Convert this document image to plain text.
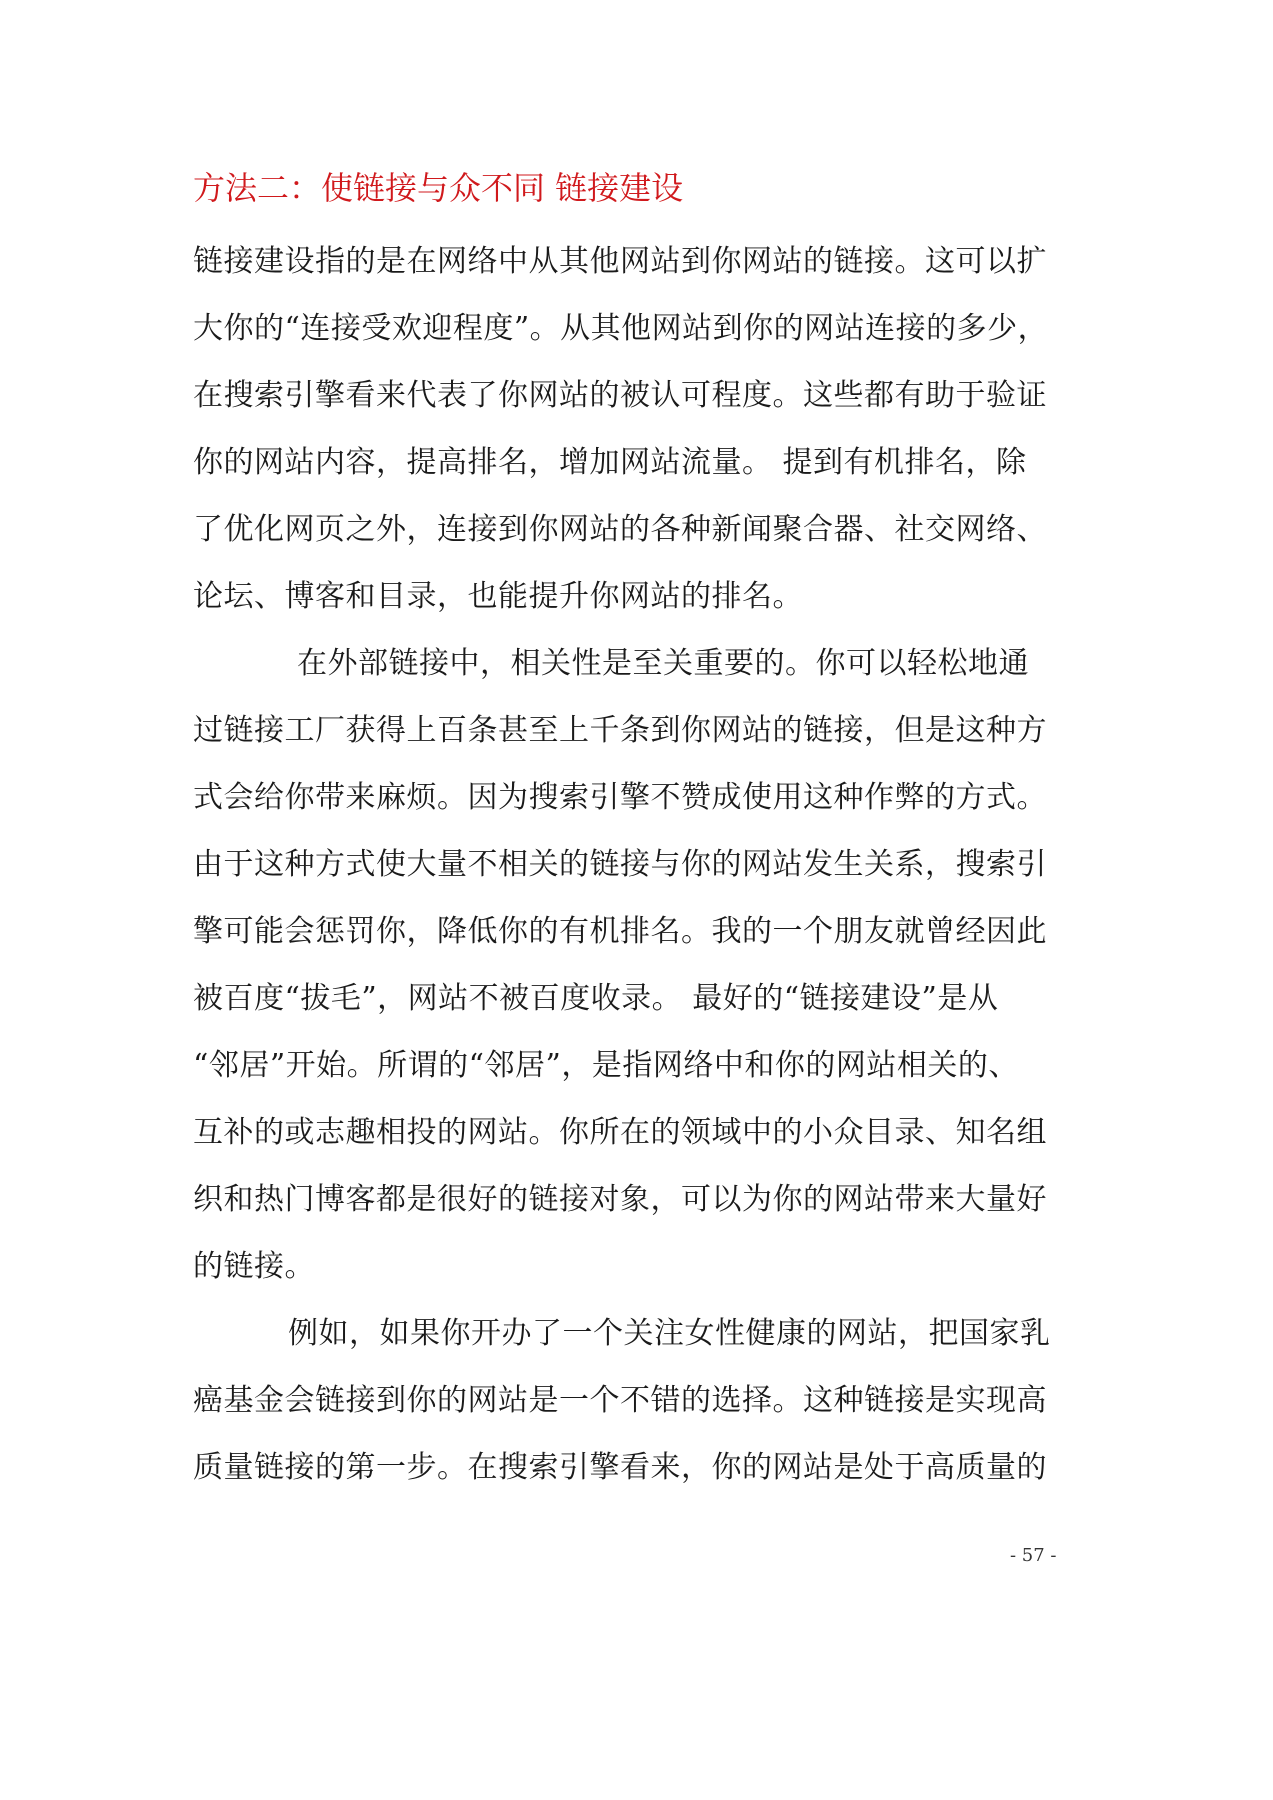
方法二：使链接与众不同 链接建设

链接建设指的是在网络中从其他网站到你网站的链接。这可以扩

大你的“连接受欢迎程度”。从其他网站到你的网站连接的多少，

在搜索引擎看来代表了你网站的被认可程度。这些都有助于验证

你的网站内容，提高排名，增加网站流量。 提到有机排名，除

了优化网页之外，连接到你网站的各种新闻聚合器、社交网络、

论坛、博客和目录，也能提升你网站的排名。

在外部链接中，相关性是至关重要的。你可以轻松地通

过链接工厂获得上百条甚至上千条到你网站的链接，但是这种方

式会给你带来麻烦。因为搜索引擎不赞成使用这种作弊的方式。

由于这种方式使大量不相关的链接与你的网站发生关系，搜索引

擎可能会惩罚你，降低你的有机排名。我的一个朋友就曾经因此

被百度“拔毛”，网站不被百度收录。 最好的“链接建设”是从

“邻居”开始。所谓的“邻居”，是指网络中和你的网站相关的、

互补的或志趣相投的网站。你所在的领域中的小众目录、知名组

织和热门博客都是很好的链接对象，可以为你的网站带来大量好

的链接。

例如，如果你开办了一个关注女性健康的网站，把国家乳

癌基金会链接到你的网站是一个不错的选择。这种链接是实现高

质量链接的第一步。在搜索引擎看来，你的网站是处于高质量的

- 57 -
